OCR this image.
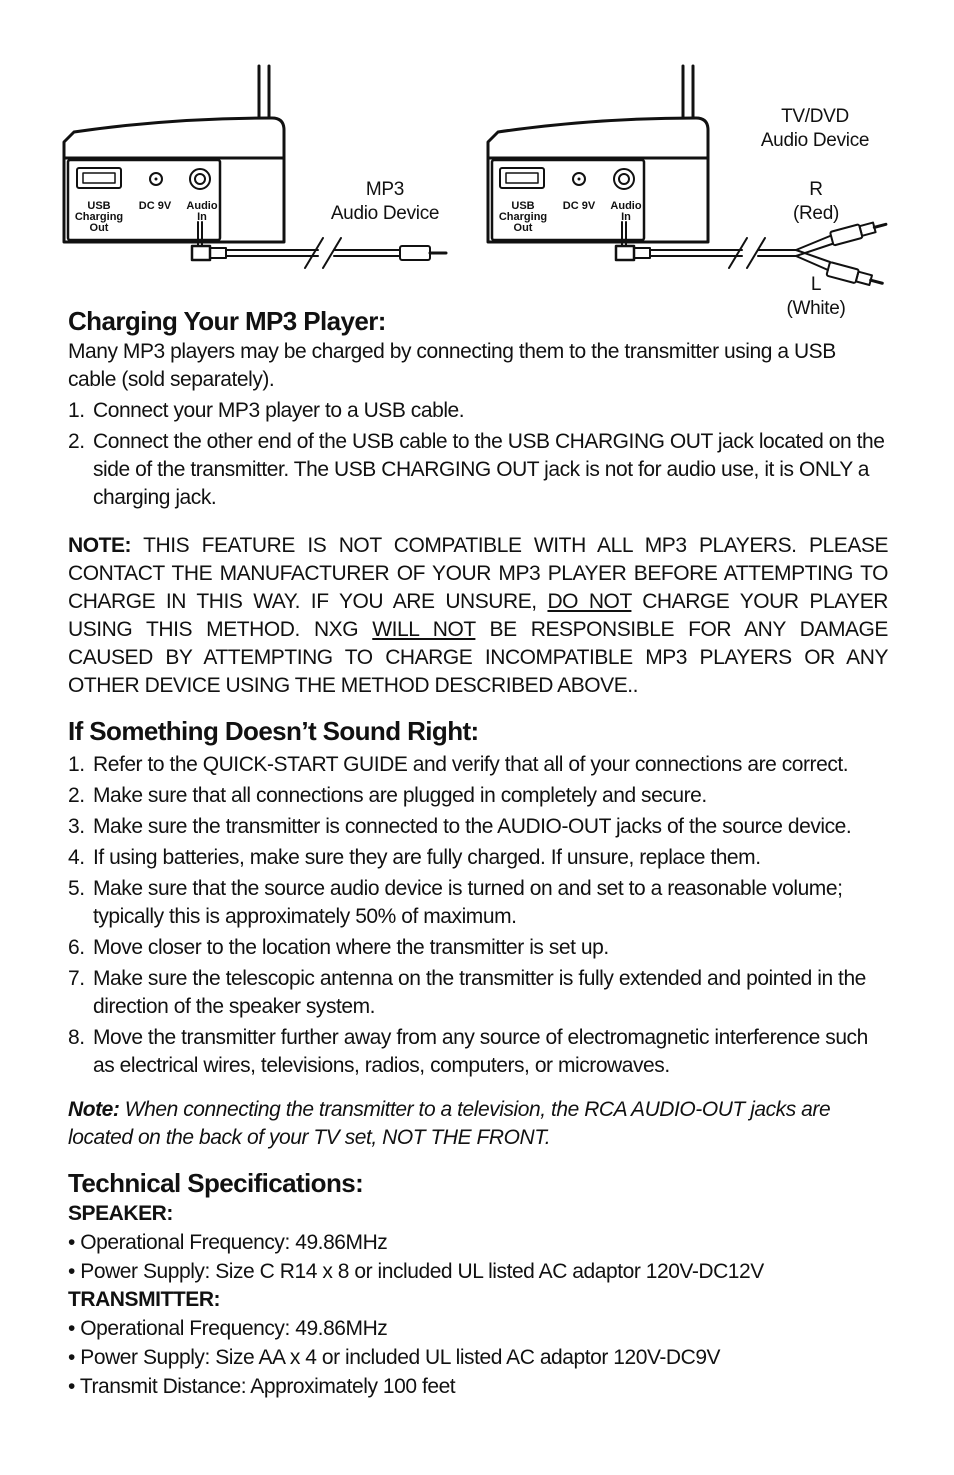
USB Charging Out
DC 9V	Audio In
USB Charging Out
DC 9V	Audio In
MP3
Audio Device
TV/DVD
Audio Device
R
(Red)
L
(White)
Charging Your MP3 Player:

Many MP3 players may be charged by connecting them to the transmitter using a USB cable (sold separately).

1. Connect your MP3 player to a USB cable.
2. Connect the other end of the USB cable to the USB CHARGING OUT jack located on the side of the transmitter. The USB CHARGING OUT jack is not for audio use, it is ONLY a charging jack.

NOTE: THIS FEATURE IS NOT COMPATIBLE WITH ALL MP3 PLAYERS. PLEASE CONTACT THE MANUFACTURER OF YOUR MP3 PLAYER BEFORE ATTEMPTING TO CHARGE IN THIS WAY. IF YOU ARE UNSURE, DO NOT CHARGE YOUR PLAYER USING THIS METHOD. NXG WILL NOT BE RESPONSIBLE FOR ANY DAMAGE CAUSED BY ATTEMPTING TO CHARGE INCOMPATIBLE MP3 PLAYERS OR ANY OTHER DEVICE USING THE METHOD DESCRIBED ABOVE..

If Something Doesn’t Sound Right:
1. Refer to the QUICK-START GUIDE and verify that all of your connections are correct.
2. Make sure that all connections are plugged in completely and secure.
3. Make sure the transmitter is connected to the AUDIO-OUT jacks of the source device.
4. If using batteries, make sure they are fully charged. If unsure, replace them.
5. Make sure that the source audio device is turned on and set to a reasonable volume; typically this is approximately 50% of maximum.
6. Move closer to the location where the transmitter is set up.
7. Make sure the telescopic antenna on the transmitter is fully extended and pointed in the direction of the speaker system.
8. Move the transmitter further away from any source of electromagnetic interference such as electrical wires, televisions, radios, computers, or microwaves.

Note: When connecting the transmitter to a television, the RCA AUDIO-OUT jacks are located on the back of your TV set, NOT THE FRONT.

Technical Specifications:
SPEAKER:
• Operational Frequency: 49.86MHz
• Power Supply: Size C R14 x 8 or included UL listed AC adaptor 120V-DC12V
TRANSMITTER:
• Operational Frequency: 49.86MHz
• Power Supply: Size AA x 4 or included UL listed AC adaptor 120V-DC9V
• Transmit Distance: Approximately 100 feet
